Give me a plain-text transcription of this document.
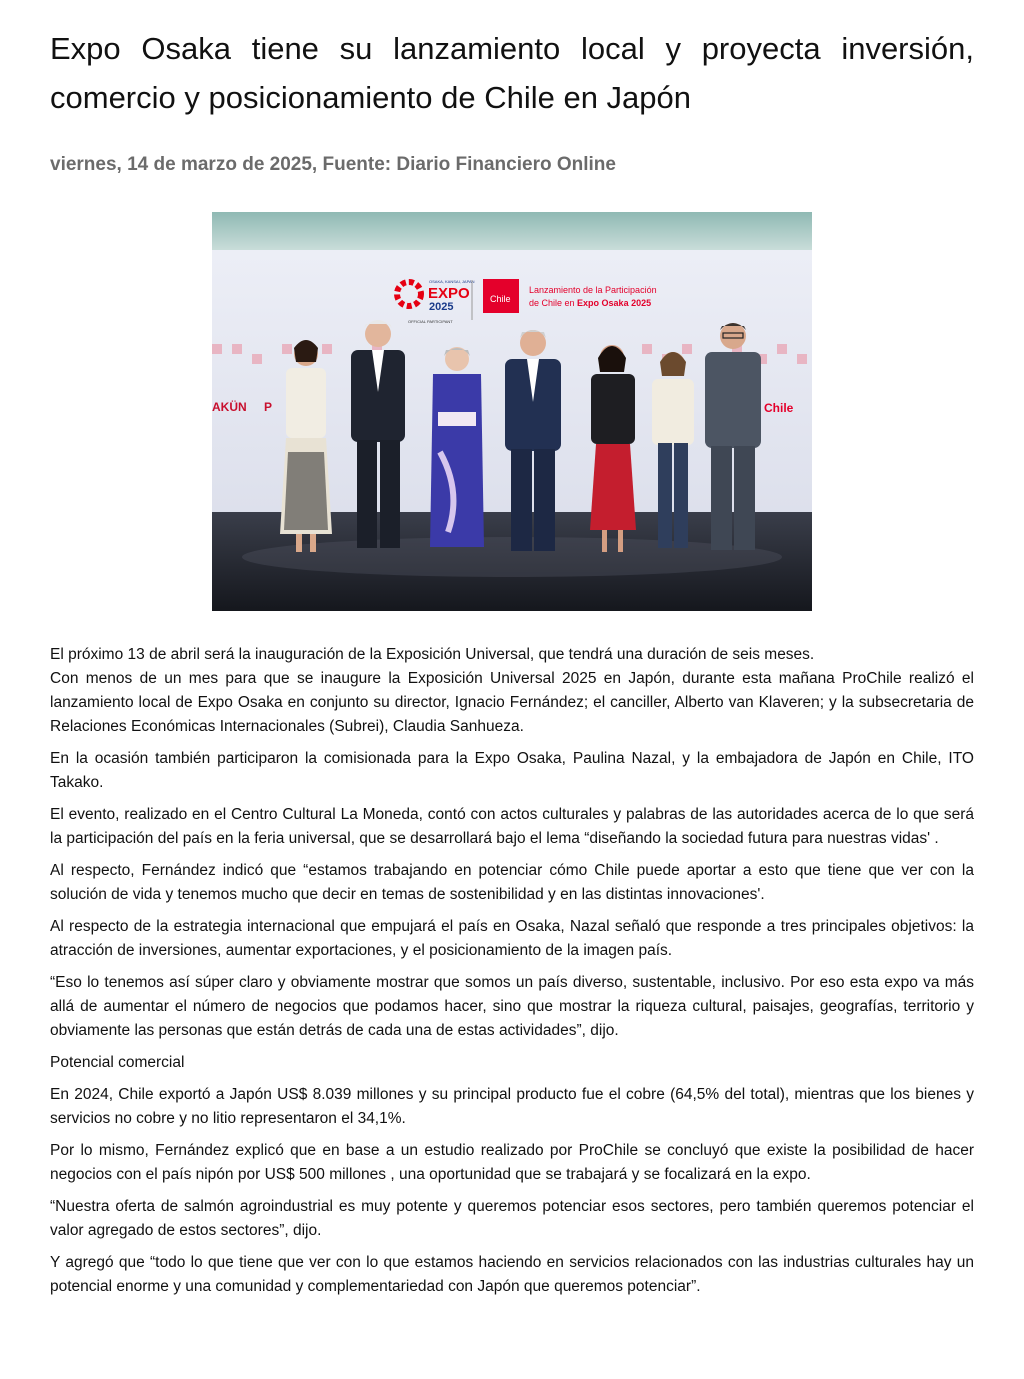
Expo Osaka tiene su lanzamiento local y proyecta inversión, comercio y posicionamiento de Chile en Japón
viernes, 14 de marzo de 2025, Fuente: Diario Financiero Online
OSAKA, KANSAI, JAPAN
EXPO
2025
OFFICIAL PARTICIPANT
Chile
Lanzamiento de la Participación
de Chile en Expo Osaka 2025
AKÜN P	Chile

El próximo 13 de abril será la inauguración de la Exposición Universal, que tendrá una duración de seis meses.

Con menos de un mes para que se inaugure la Exposición Universal 2025 en Japón, durante esta mañana ProChile realizó el lanzamiento local de Expo Osaka en conjunto su director, Ignacio Fernández; el canciller, Alberto van Klaveren; y la subsecretaria de Relaciones Económicas Internacionales (Subrei), Claudia Sanhueza.

En la ocasión también participaron la comisionada para la Expo Osaka, Paulina Nazal, y la embajadora de Japón en Chile, ITO Takako.

El evento, realizado en el Centro Cultural La Moneda, contó con actos culturales y palabras de las autoridades acerca de lo que será la participación del país en la feria universal, que se desarrollará bajo el lema “diseñando la sociedad futura para nuestras vidas' .

Al respecto, Fernández indicó que “estamos trabajando en potenciar cómo Chile puede aportar a esto que tiene que ver con la solución de vida y tenemos mucho que decir en temas de sostenibilidad y en las distintas innovaciones'.

Al respecto de la estrategia internacional que empujará el país en Osaka, Nazal señaló que responde a tres principales objetivos: la atracción de inversiones, aumentar exportaciones, y el posicionamiento de la imagen país.

“Eso lo tenemos así súper claro y obviamente mostrar que somos un país diverso, sustentable, inclusivo. Por eso esta expo va más allá de aumentar el número de negocios que podamos hacer, sino que mostrar la riqueza cultural, paisajes, geografías, territorio y obviamente las personas que están detrás de cada una de estas actividades”, dijo.

Potencial comercial

En 2024, Chile exportó a Japón US$ 8.039 millones y su principal producto fue el cobre (64,5% del total), mientras que los bienes y servicios no cobre y no litio representaron el 34,1%.

Por lo mismo, Fernández explicó que en base a un estudio realizado por ProChile se concluyó que existe la posibilidad de hacer negocios con el país nipón por US$ 500 millones , una oportunidad que se trabajará y se focalizará en la expo.

“Nuestra oferta de salmón agroindustrial es muy potente y queremos potenciar esos sectores, pero también queremos potenciar el valor agregado de estos sectores”, dijo.

Y agregó que “todo lo que tiene que ver con lo que estamos haciendo en servicios relacionados con las industrias culturales hay un potencial enorme y una comunidad y complementariedad con Japón que queremos potenciar”.
